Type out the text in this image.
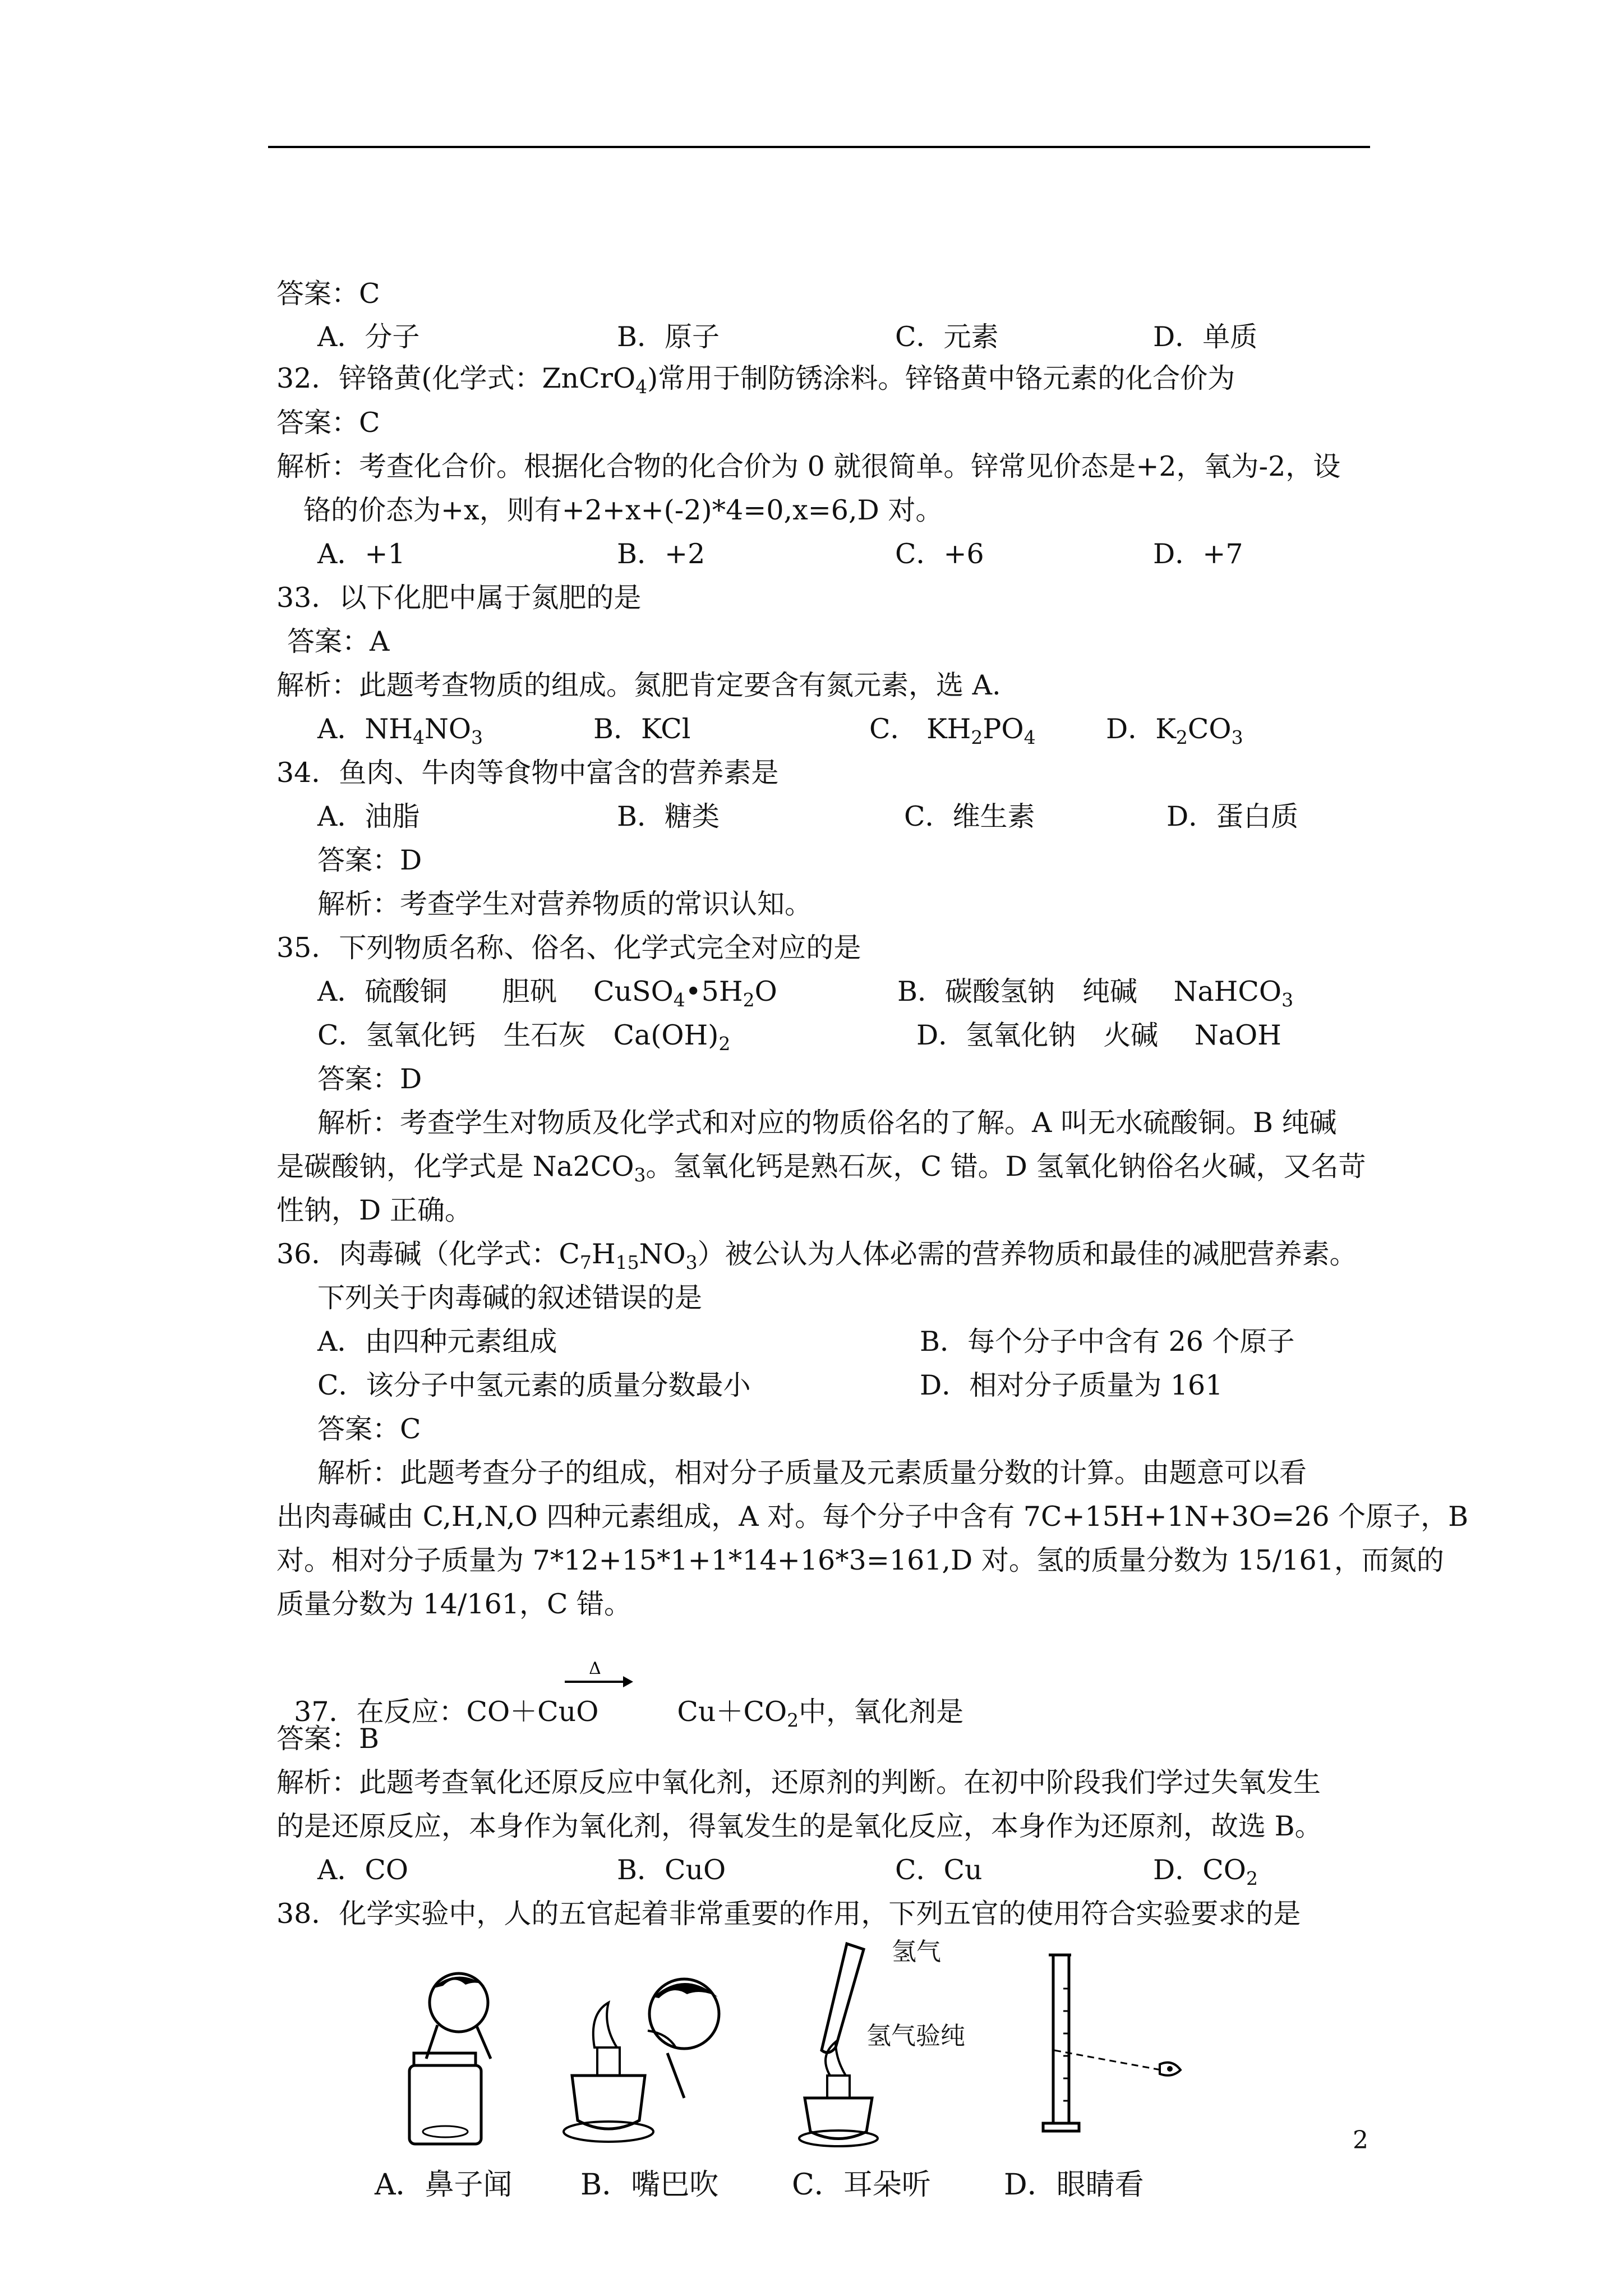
答案：C
A．分子	B．原子	C．元素	D．单质
32．锌铬黄(化学式：ZnCrO$_4$)常用于制防锈涂料。锌铬黄中铬元素的化合价为
答案：C
解析：考查化合价。根据化合物的化合价为 0 就很简单。锌常见价态是+2，氧为-2，设
铬的价态为+x，则有+2+x+(-2)*4=0,x=6,D 对。
A．+1	B．+2	C．+6	D．+7
33．以下化肥中属于氮肥的是
答案：A
解析：此题考查物质的组成。氮肥肯定要含有氮元素，选 A.
A．$NH_4NO_3$	B．KCl	C． $KH_2PO_4$	D．$K_2CO_3$
34．鱼肉、牛肉等食物中富含的营养素是
A．油脂	B．糖类	C．维生素	D．蛋白质
答案：D
解析：考查学生对营养物质的常识认知。
35．下列物质名称、俗名、化学式完全对应的是
A．硫酸铜　　胆矾　 $CuSO_4•5H_2O$	B．碳酸氢钠　纯碱　 NaHCO$_3$
C．氢氧化钙　生石灰　$Ca(OH)_2$	D．氢氧化钠　火碱　 NaOH
答案：D
解析：考查学生对物质及化学式和对应的物质俗名的了解。A 叫无水硫酸铜。B 纯碱
是碳酸钠，化学式是 $Na2CO_3$。氢氧化钙是熟石灰，C 错。D 氢氧化钠俗名火碱，又名苛
性钠，D 正确。
36．肉毒碱（化学式：$C_7H_{15}NO_3$）被公认为人体必需的营养物质和最佳的减肥营养素。
下列关于肉毒碱的叙述错误的是
A．由四种元素组成	B．每个分子中含有 26 个原子
C．该分子中氢元素的质量分数最小	D．相对分子质量为 161
答案：C
解析：此题考查分子的组成，相对分子质量及元素质量分数的计算。由题意可以看
出肉毒碱由 C,H,N,O 四种元素组成，A 对。每个分子中含有 7C+15H+1N+3O=26 个原子，B
对。相对分子质量为 7*12+15*1+1*14+16*3=161,D 对。氢的质量分数为 15/161，而氮的
质量分数为 14/161，C 错。

37．在反应：CO＋CuO	$Cu+CO_2$中，氧化剂是

Δ
答案：B
解析：此题考查氧化还原反应中氧化剂，还原剂的判断。在初中阶段我们学过失氧发生
的是还原反应，本身作为氧化剂，得氧发生的是氧化反应，本身作为还原剂，故选 B。
A．CO	B．CuO	C．Cu	D．$CO_2$
38．化学实验中，人的五官起着非常重要的作用，下列五官的使用符合实验要求的是
氢气
氢气验纯
2
A．鼻子闻 B．嘴巴吹	C．耳朵听	D．眼睛看
